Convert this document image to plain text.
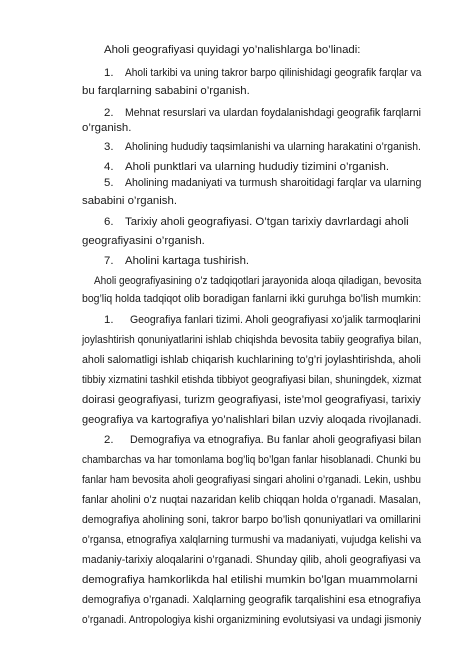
Aholi geografiyasi quyidagi yo’nalishlarga bo’linadi:
1. Aholi tarkibi va uning takror barpo qilinishidagi geografik farqlar va
bu farqlarning sababini o’rganish.
2. Mehnat resurslari va ulardan foydalanishdagi geografik farqlarni
o’rganish.
3. Aholining hududiy taqsimlanishi va ularning harakatini o’rganish.
4. Aholi punktlari va ularning hududiy tizimini o’rganish.
5. Aholining madaniyati va turmush sharoitidagi farqlar va ularning
sababini o’rganish.
6. Tarixiy aholi geografiyasi. O’tgan tarixiy davrlardagi aholi
geografiyasini o’rganish.
7. Aholini kartaga tushirish.
Aholi geografiyasining o’z tadqiqotlari jarayonida aloqa qiladigan, bevosita
bog’liq holda tadqiqot olib boradigan fanlarni ikki guruhga bo’lish mumkin:
1. Geografiya fanlari tizimi. Aholi geografiyasi xo’jalik tarmoqlarini
joylashtirish qonuniyatlarini ishlab chiqishda bevosita tabiiy geografiya bilan,
aholi salomatligi ishlab chiqarish kuchlarining to’g’ri joylashtirishda, aholi
tibbiy xizmatini tashkil etishda tibbiyot geografiyasi bilan, shuningdek, xizmat
doirasi geografiyasi, turizm geografiyasi, iste’mol geografiyasi, tarixiy
geografiya va kartografiya yo’nalishlari bilan uzviy aloqada rivojlanadi.
2. Demografiya va etnografiya. Bu fanlar aholi geografiyasi bilan
chambarchas va har tomonlama bog’liq bo’lgan fanlar hisoblanadi. Chunki bu
fanlar ham bevosita aholi geografiyasi singari aholini o’rganadi. Lekin, ushbu
fanlar aholini o’z nuqtai nazaridan kelib chiqqan holda o’rganadi. Masalan,
demografiya aholining soni, takror barpo bo’lish qonuniyatlari va omillarini
o’rgansa, etnografiya xalqlarning turmushi va madaniyati, vujudga kelishi va
madaniy-tarixiy aloqalarini o’rganadi. Shunday qilib, aholi geografiyasi va
demografiya hamkorlikda hal etilishi mumkin bo’lgan muammolarni
demografiya o’rganadi. Xalqlarning geografik tarqalishini esa etnografiya
o’rganadi. Antropologiya kishi organizmining evolutsiyasi va undagi jismoniy
